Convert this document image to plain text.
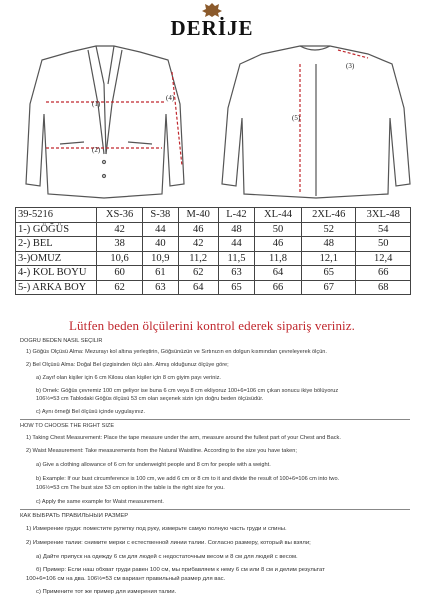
DERİJE
(1)
(2)
(3)
(4)
(5)
39-5216	XS-36	S-38	M-40	L-42	XL-44	2XL-46	3XL-48
1-) GÖĞÜS	42	44	46	48	50	52	54
2-) BEL	38	40	42	44	46	48	50
3-)OMUZ	10,6	10,9	11,2	11,5	11,8	12,1	12,4
4-) KOL BOYU	60	61	62	63	64	65	66
5-) ARKA BOY	62	63	64	65	66	67	68
Lütfen beden ölçülerini kontrol ederek sipariş veriniz.
DOĞRU BEDEN NASIL SEÇİLİR
1) Göğüs Ölçüsü Alma: Mezurayı kol altına yerleştirin, Göğsünüzün ve Sırtınızın en dolgun kısmından çevreleyerek ölçün.
2) Bel Ölçüsü Alma: Doğal Bel çizgisinden ölçü alın. Almış olduğunuz ölçüye göre;
a) Zayıf olan kişiler için 6 cm Kilosu olan kişiler için 8 cm giyim payı veriniz.
b) Örnek: Göğüs çevremiz 100 cm geliyor ise buna 6 cm veya 8 cm ekliyoruz 100+6=106 cm çıkan sonucu ikiye bölüyoruz
106½=53 cm Tablodaki Göğüs ölçüsü 53 cm olan seçenek sizin için doğru beden ölçüsüdür.
c) Aynı örneği Bel ölçüsü içinde uygulayınız.
HOW TO CHOOSE THE RIGHT SIZE
1) Taking Chest Measurement: Place the tape measure under the arm, measure around the fullest part of your Chest and Back.
2) Waist Measurement: Take measurements from the Natural Waistline. According to the size you have taken;
a) Give a clothing allowance of 6 cm for underweight people and 8 cm for people with a weight.
b) Example: If our bust circumference is 100 cm, we add 6 cm or 8 cm to it and divide the result of 100+6=106 cm into two.
106½=53 cm The bust size 53 cm option in the table is the right size for you.
c) Apply the same example for Waist measurement.
КАК ВЫБРАТЬ ПРАВИЛЬНЫЙ РАЗМЕР
1) Измерение груди: поместите рулетку под руку, измерьте самую полную часть груди и спины.
2) Измерение талии: снимите мерки с естественной линии талии. Согласно размеру, который вы взяли;
а) Дайте припуск на одежду 6 см для людей с недостаточным весом и 8 см для людей с весом.
б) Пример: Если наш обхват груди равен 100 см, мы прибавляем к нему 6 см или 8 см и делим результат
100+6=106 см на два. 106½=53 см вариант правильный размер для вас.
c) Примените тот же пример для измерения талии.
